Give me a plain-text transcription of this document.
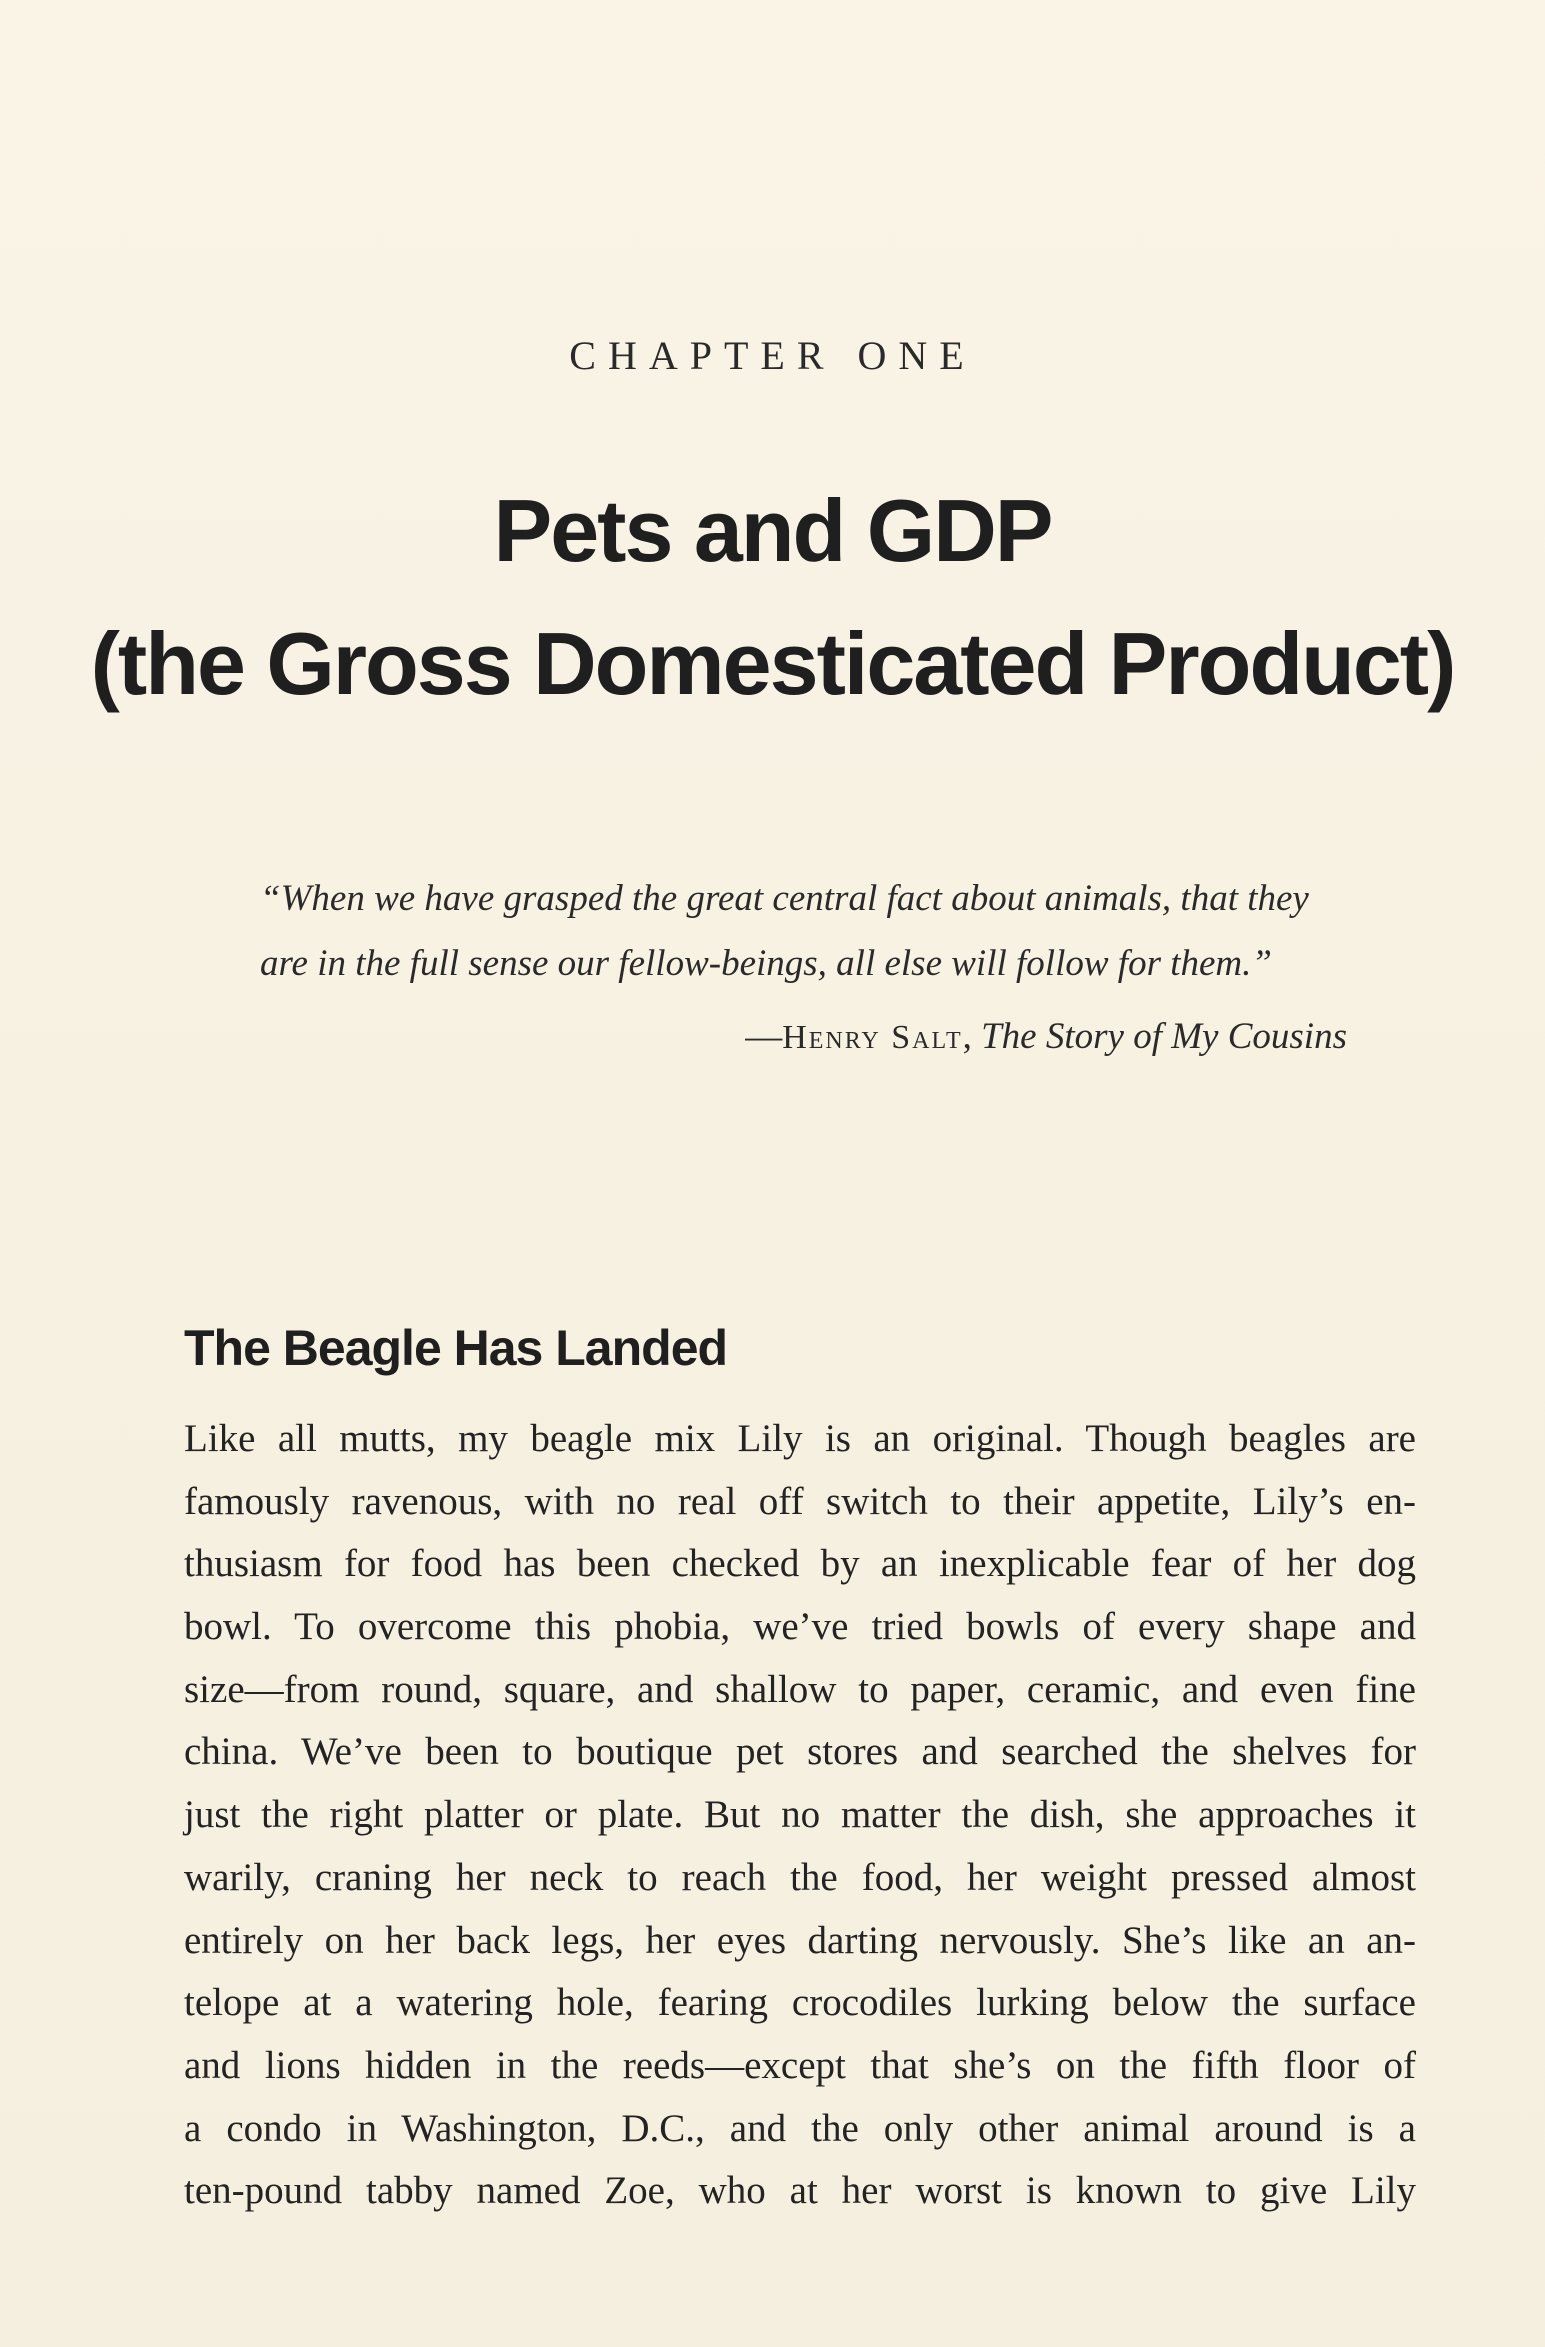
CHAPTER ONE
Pets and GDP
(the Gross Domesticated Product)
“When we have grasped the great central fact about animals, that they
are in the full sense our fellow-beings, all else will follow for them.”
—Henry Salt, The Story of My Cousins
The Beagle Has Landed
Like all mutts, my beagle mix Lily is an original. Though beagles are
famously ravenous, with no real off switch to their appetite, Lily’s en-
thusiasm for food has been checked by an inexplicable fear of her dog
bowl. To overcome this phobia, we’ve tried bowls of every shape and
size—from round, square, and shallow to paper, ceramic, and even fine
china. We’ve been to boutique pet stores and searched the shelves for
just the right platter or plate. But no matter the dish, she approaches it
warily, craning her neck to reach the food, her weight pressed almost
entirely on her back legs, her eyes darting nervously. She’s like an an-
telope at a watering hole, fearing crocodiles lurking below the surface
and lions hidden in the reeds—except that she’s on the fifth floor of
a condo in Washington, D.C., and the only other animal around is a
ten-pound tabby named Zoe, who at her worst is known to give Lily
